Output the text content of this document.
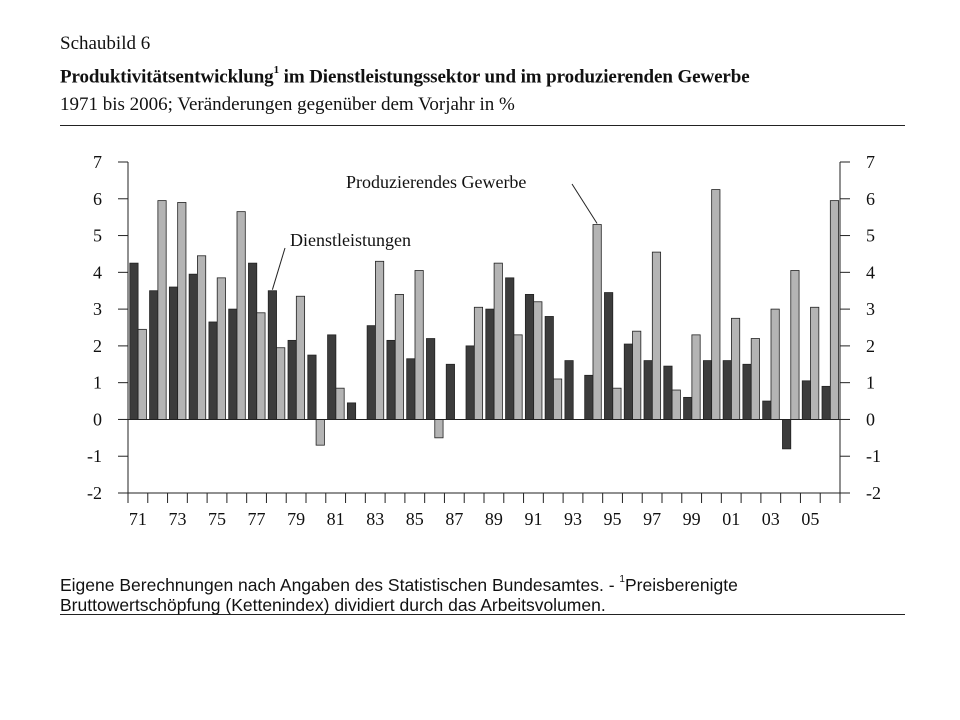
Schaubild 6
Produktivitätsentwicklung$^1$ im Dienstleistungssektor und im produzierenden Gewerbe
1971 bis 2006; Veränderungen gegenüber dem Vorjahr in %
7	7
6	6
5	5
4	4
3	3
2	2
1	1
0	0
-1	-1
-2	-2
71 73 75 77 79 81 83 85 87 89 91 93 95 97 99 01 03 05
Dienstleistungen
Produzierendes Gewerbe
Eigene Berechnungen nach Angaben des Statistischen Bundesamtes. - $^1$Preisberenigte Bruttowertschöpfung (Kettenindex) dividiert durch das Arbeitsvolumen.
